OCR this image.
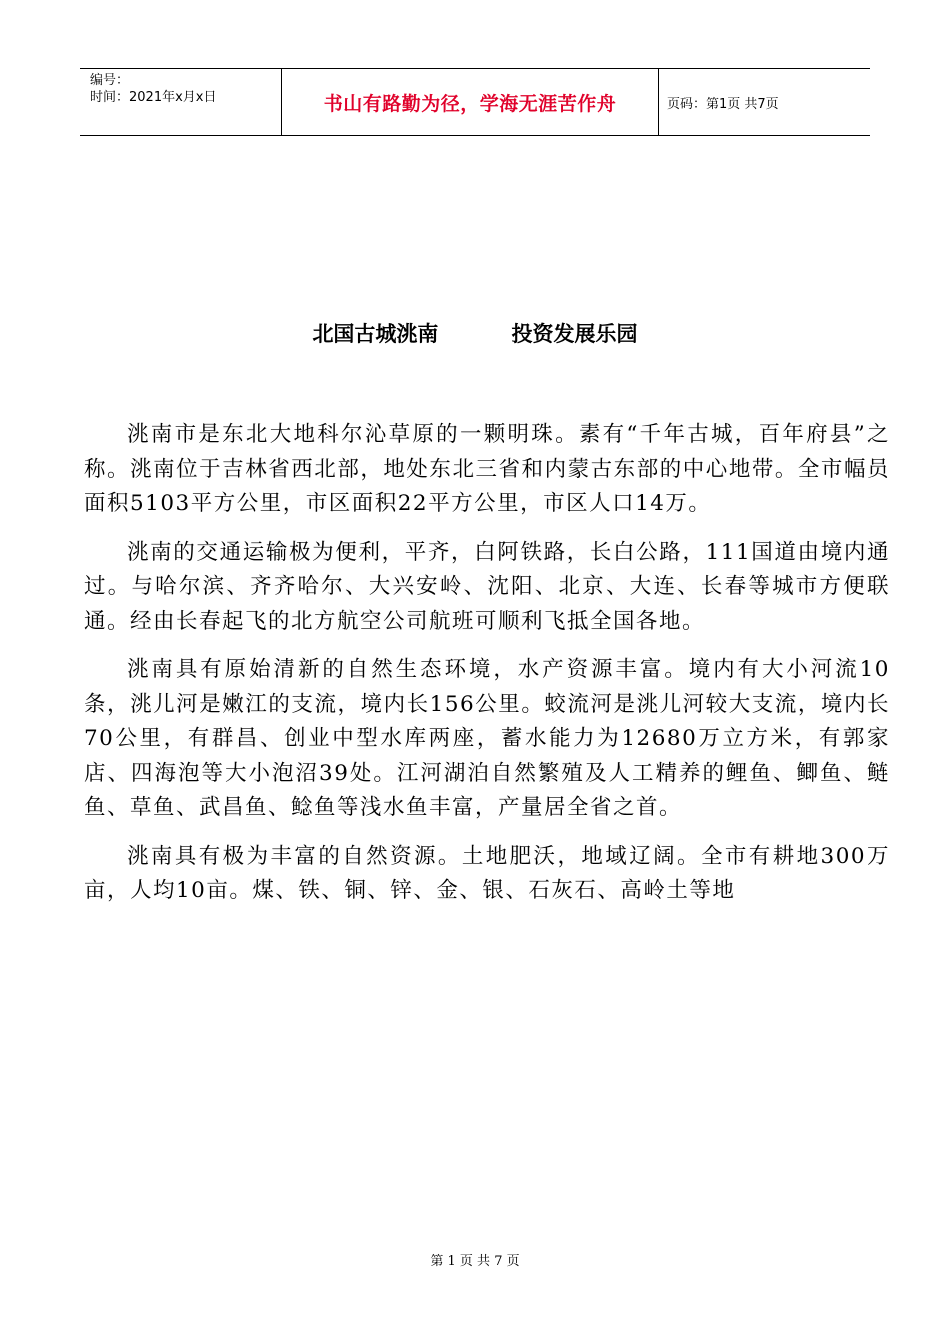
编号：
时间：2021年x月x日	书山有路勤为径，学海无涯苦作舟	页码：第1页 共7页
北国古城洮南          投资发展乐园

洮南市是东北大地科尔沁草原的一颗明珠。素有“千年古城，百年府县”之称。洮南位于吉林省西北部，地处东北三省和内蒙古东部的中心地带。全市幅员面积5103平方公里，市区面积22平方公里，市区人口14万。

洮南的交通运输极为便利，平齐，白阿铁路，长白公路，111国道由境内通过。与哈尔滨、齐齐哈尔、大兴安岭、沈阳、北京、大连、长春等城市方便联通。经由长春起飞的北方航空公司航班可顺利飞抵全国各地。

洮南具有原始清新的自然生态环境，水产资源丰富。境内有大小河流10条，洮儿河是嫩江的支流，境内长156公里。蛟流河是洮儿河较大支流，境内长70公里，有群昌、创业中型水库两座，蓄水能力为12680万立方米，有郭家店、四海泡等大小泡沼39处。江河湖泊自然繁殖及人工精养的鲤鱼、鲫鱼、鲢鱼、草鱼、武昌鱼、鲶鱼等浅水鱼丰富，产量居全省之首。

洮南具有极为丰富的自然资源。土地肥沃，地域辽阔。全市有耕地300万亩，人均10亩。煤、铁、铜、锌、金、银、石灰石、高岭土等地

第 1 页 共 7 页
